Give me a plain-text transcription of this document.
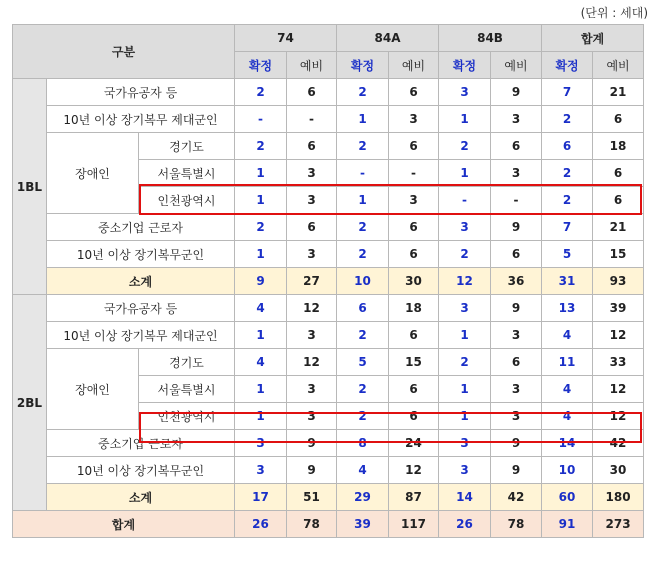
(단위 : 세대)
구분			74		84A		84B		합계	
			확정	예비	확정	예비	확정	예비	확정	예비
1BL	국가유공자 등		2	6	2	6	3	9	7	21
	10년 이상 장기복무 제대군인		-	-	1	3	1	3	2	6
	장애인	경기도	2	6	2	6	2	6	6	18
		서울특별시	1	3	-	-	1	3	2	6
		인천광역시	1	3	1	3	-	-	2	6
	중소기업 근로자		2	6	2	6	3	9	7	21
	10년 이상 장기복무군인		1	3	2	6	2	6	5	15
	소계		9	27	10	30	12	36	31	93
2BL	국가유공자 등		4	12	6	18	3	9	13	39
	10년 이상 장기복무 제대군인		1	3	2	6	1	3	4	12
	장애인	경기도	4	12	5	15	2	6	11	33
		서울특별시	1	3	2	6	1	3	4	12
		인천광역시	1	3	2	6	1	3	4	12
	중소기업 근로자		3	9	8	24	3	9	14	42
	10년 이상 장기복무군인		3	9	4	12	3	9	10	30
	소계		17	51	29	87	14	42	60	180
합계			26	78	39	117	26	78	91	273
